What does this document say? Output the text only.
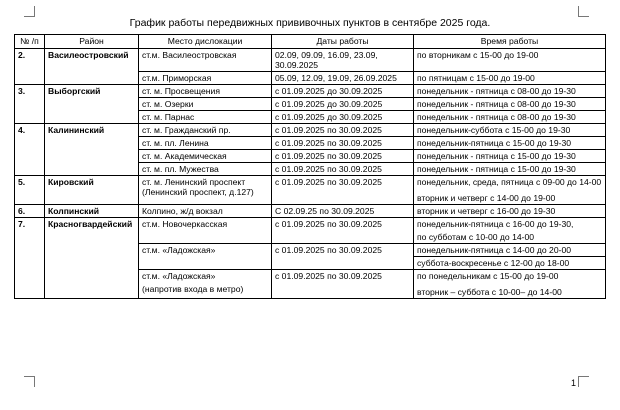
График работы передвижных прививочных пунктов в сентябре 2025 года.
№ /п	Район	Место дислокации	Даты работы	Время работы
2.	Василеостровский	ст.м. Василеостровская	02.09, 09.09, 16.09, 23.09, 30.09.2025	по вторникам с 15-00 до 19-00
		ст.м. Приморская	05.09, 12.09, 19.09, 26.09.2025	по пятницам с 15-00 до 19-00
3.	Выборгский	ст. м. Просвещения	с 01.09.2025 до 30.09.2025	понедельник - пятница с 08-00 до 19-30
		ст. м. Озерки	с 01.09.2025 до 30.09.2025	понедельник - пятница с 08-00 до 19-30
		ст. м. Парнас	с 01.09.2025 до 30.09.2025	понедельник - пятница с 08-00 до 19-30
4.	Калининский	ст. м. Гражданский пр.	с 01.09.2025 по 30.09.2025	понедельник-суббота с 15-00 до 19-30
		ст. м. пл. Ленина	с 01.09.2025 по 30.09.2025	понедельник-пятница с 15-00 до 19-30
		ст. м. Академическая	с 01.09.2025 по 30.09.2025	понедельник - пятница с 15-00 до 19-30
		ст. м. пл. Мужества	с 01.09.2025 по 30.09.2025	понедельник - пятница с 15-00 до 19-30
5.	Кировский	ст. м. Ленинский проспект (Ленинский проспект, д.127)	с 01.09.2025 по 30.09.2025	понедельник, среда, пятница с 09-00 до 14-00
вторник и четверг с 14-00 до 19-00

6.	Колпинский	Колпино, ж/д вокзал	С 02.09.25 по 30.09.2025	вторник и четверг с 16-00 до 19-30
7.	Красногвардейский	ст.м. Новочеркасская	с 01.09.2025 по 30.09.2025	понедельник-пятница с 16-00 до 19-30,
по субботам с 10-00 до 14-00

		ст.м. «Ладожская»	с 01.09.2025 по 30.09.2025	понедельник-пятница с 14-00 до 20-00
				суббота-воскресенье с 12-00 до 18-00

		ст.м. «Ладожская»
(напротив входа в метро)	с 01.09.2025 по 30.09.2025	по понедельникам с 15-00 до 19-00
вторник – суббота с 10-00– до 14-00

1
